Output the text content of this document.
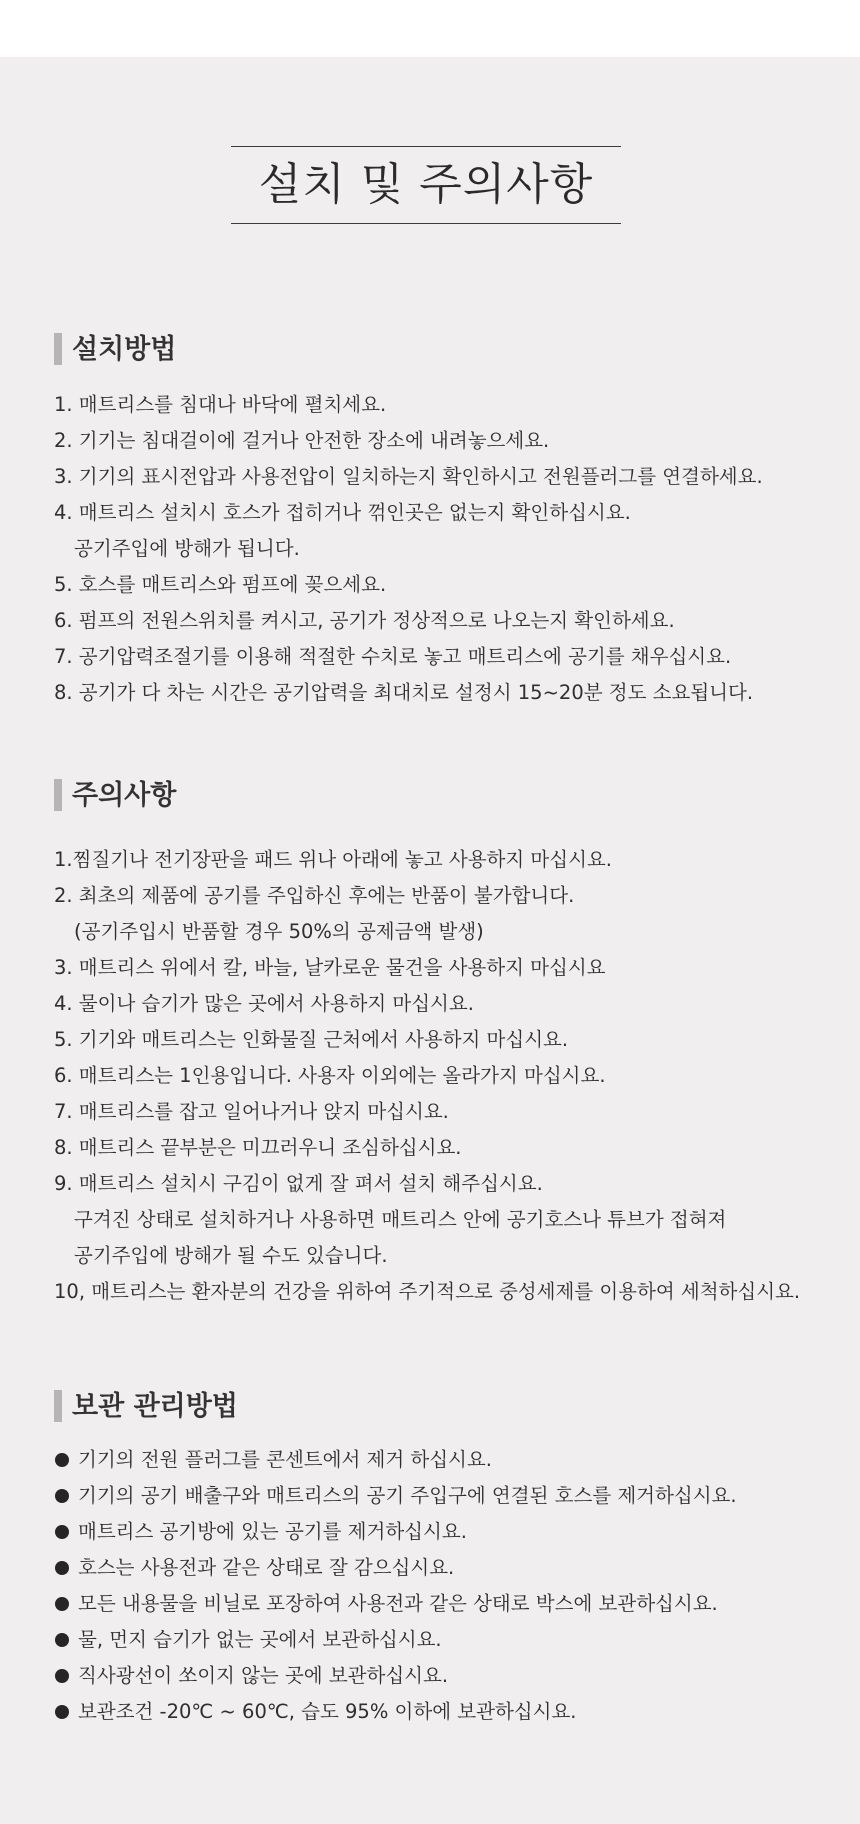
설치 및 주의사항
설치방법
1. 매트리스를 침대나 바닥에 펼치세요.
2. 기기는 침대걸이에 걸거나 안전한 장소에 내려놓으세요.
3. 기기의 표시전압과 사용전압이 일치하는지 확인하시고 전원플러그를 연결하세요.
4. 매트리스 설치시 호스가 접히거나 꺾인곳은 없는지 확인하십시요.
공기주입에 방해가 됩니다.
5. 호스를 매트리스와 펌프에 꽂으세요.
6. 펌프의 전원스위치를 켜시고, 공기가 정상적으로 나오는지 확인하세요.
7. 공기압력조절기를 이용해 적절한 수치로 놓고 매트리스에 공기를 채우십시요.
8. 공기가 다 차는 시간은 공기압력을 최대치로 설정시 15~20분 정도 소요됩니다.
주의사항
1.찜질기나 전기장판을 패드 위나 아래에 놓고 사용하지 마십시요.
2. 최초의 제품에 공기를 주입하신 후에는 반품이 불가합니다.
(공기주입시 반품할 경우 50%의 공제금액 발생)
3. 매트리스 위에서 칼, 바늘, 날카로운 물건을 사용하지 마십시요
4. 물이나 습기가 많은 곳에서 사용하지 마십시요.
5. 기기와 매트리스는 인화물질 근처에서 사용하지 마십시요.
6. 매트리스는 1인용입니다. 사용자 이외에는 올라가지 마십시요.
7. 매트리스를 잡고 일어나거나 앉지 마십시요.
8. 매트리스 끝부분은 미끄러우니 조심하십시요.
9. 매트리스 설치시 구김이 없게 잘 펴서 설치 해주십시요.
구겨진 상태로 설치하거나 사용하면 매트리스 안에 공기호스나 튜브가 접혀져
공기주입에 방해가 될 수도 있습니다.
10, 매트리스는 환자분의 건강을 위하여 주기적으로 중성세제를 이용하여 세척하십시요.
보관 관리방법
기기의 전원 플러그를 콘센트에서 제거 하십시요.
기기의 공기 배출구와 매트리스의 공기 주입구에 연결된 호스를 제거하십시요.
매트리스 공기방에 있는 공기를 제거하십시요.
호스는 사용전과 같은 상태로 잘 감으십시요.
모든 내용물을 비닐로 포장하여 사용전과 같은 상태로 박스에 보관하십시요.
물, 먼지 습기가 없는 곳에서 보관하십시요.
직사광선이 쏘이지 않는 곳에 보관하십시요.
보관조건 -20℃ ~ 60℃, 습도 95% 이하에 보관하십시요.
